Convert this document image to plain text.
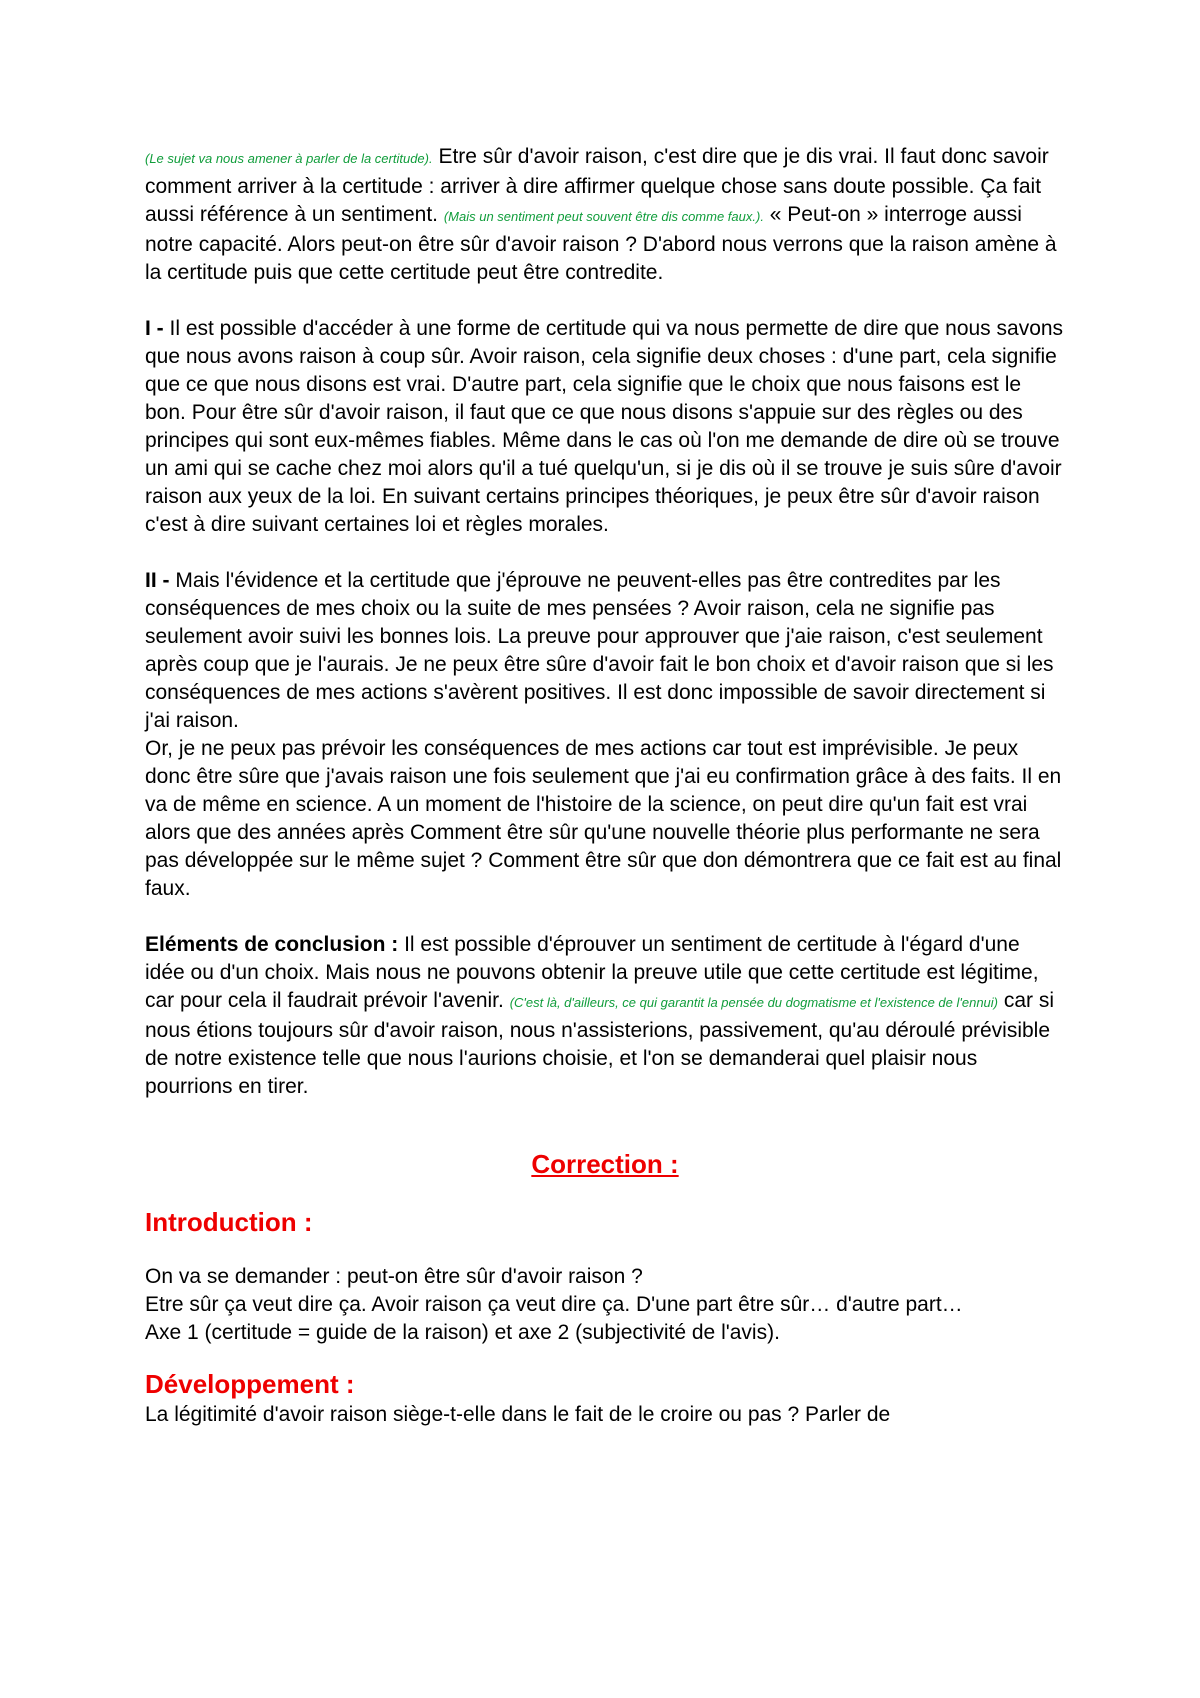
(Le sujet va nous amener à parler de la certitude). Etre sûr d'avoir raison, c'est dire que je dis vrai. Il faut donc savoir comment arriver à la certitude : arriver à dire affirmer quelque chose sans doute possible. Ça fait aussi référence à un sentiment. (Mais un sentiment peut souvent être dis comme faux.). « Peut-on » interroge aussi notre capacité. Alors peut-on être sûr d'avoir raison ? D'abord nous verrons que la raison amène à la certitude puis que cette certitude peut être contredite.

I - Il est possible d'accéder à une forme de certitude qui va nous permette de dire que nous savons que nous avons raison à coup sûr. Avoir raison, cela signifie deux choses : d'une part, cela signifie que ce que nous disons est vrai. D'autre part, cela signifie que le choix que nous faisons est le bon. Pour être sûr d'avoir raison, il faut que ce que nous disons s'appuie sur des règles ou des principes qui sont eux-mêmes fiables. Même dans le cas où l'on me demande de dire où se trouve un ami qui se cache chez moi alors qu'il a tué quelqu'un, si je dis où il se trouve je suis sûre d'avoir raison aux yeux de la loi. En suivant certains principes théoriques, je peux être sûr d'avoir raison c'est à dire suivant certaines loi et règles morales.

II - Mais l'évidence et la certitude que j'éprouve ne peuvent-elles pas être contredites par les conséquences de mes choix ou la suite de mes pensées ? Avoir raison, cela ne signifie pas seulement avoir suivi les bonnes lois. La preuve pour approuver que j'aie raison, c'est seulement après coup que je l'aurais. Je ne peux être sûre d'avoir fait le bon choix et d'avoir raison que si les conséquences de mes actions s'avèrent positives. Il est donc impossible de savoir directement si j'ai raison.

Or, je ne peux pas prévoir les conséquences de mes actions car tout est imprévisible. Je peux donc être sûre que j'avais raison une fois seulement que j'ai eu confirmation grâce à des faits. Il en va de même en science. A un moment de l'histoire de la science, on peut dire qu'un fait est vrai alors que des années après Comment être sûr qu'une nouvelle théorie plus performante ne sera pas développée sur le même sujet ? Comment être sûr que don démontrera que ce fait est au final faux.

Eléments de conclusion : Il est possible d'éprouver un sentiment de certitude à l'égard d'une idée ou d'un choix. Mais nous ne pouvons obtenir la preuve utile que cette certitude est légitime, car pour cela il faudrait prévoir l'avenir. (C'est là, d'ailleurs, ce qui garantit la pensée du dogmatisme et l'existence de l'ennui) car si nous étions toujours sûr d'avoir raison, nous n'assisterions, passivement, qu'au déroulé prévisible de notre existence telle que nous l'aurions choisie, et l'on se demanderai quel plaisir nous pourrions en tirer.

Correction :

Introduction :

On va se demander : peut-on être sûr d'avoir raison ?

Etre sûr ça veut dire ça. Avoir raison ça veut dire ça. D'une part être sûr… d'autre part…

Axe 1 (certitude = guide de la raison) et axe 2 (subjectivité de l'avis).

Développement :

La légitimité d'avoir raison siège-t-elle dans le fait de le croire ou pas ? Parler de
